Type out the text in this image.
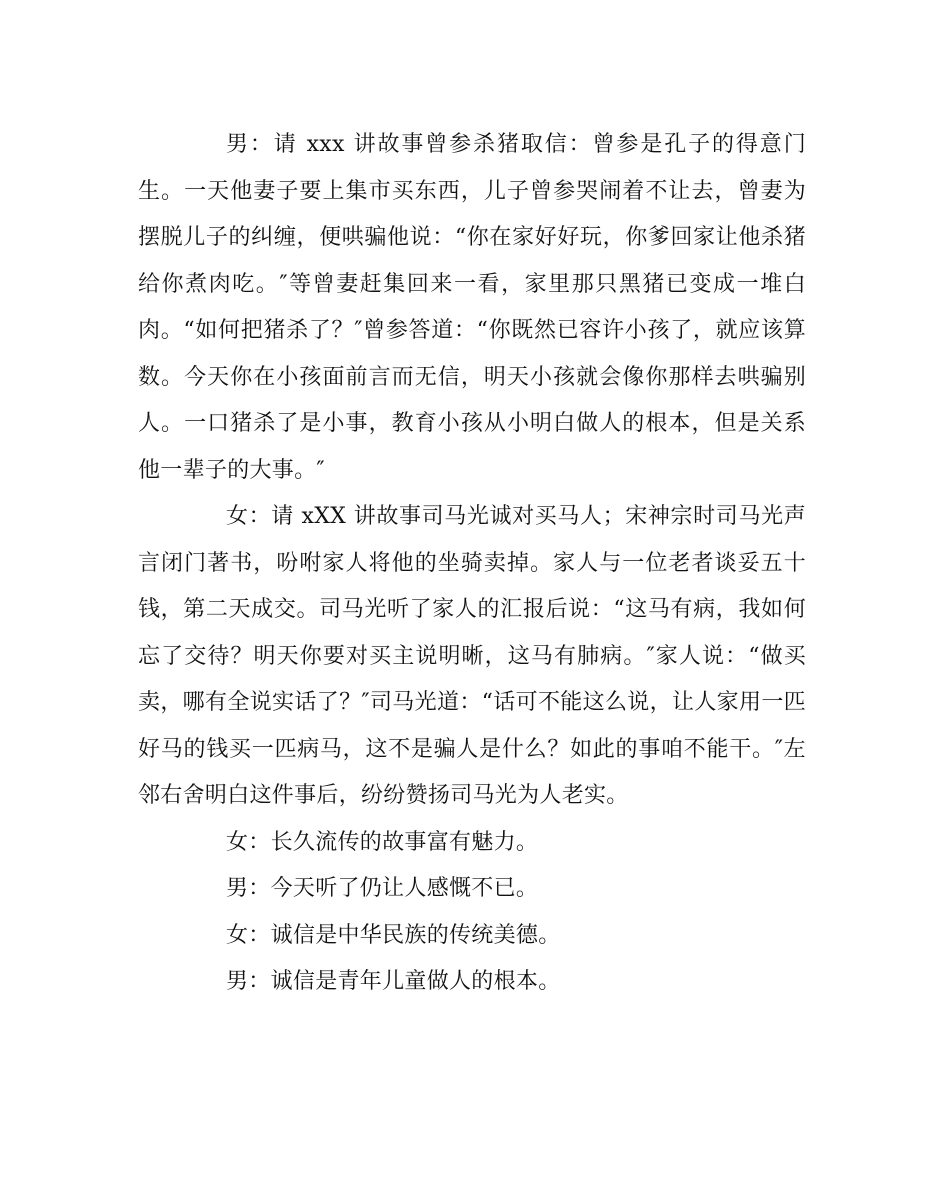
男：请 xxx 讲故事曾参杀猪取信：曾参是孔子的得意门生。一天他妻子要上集市买东西，儿子曾参哭闹着不让去，曾妻为摆脱儿子的纠缠，便哄骗他说：“你在家好好玩，你爹回家让他杀猪给你煮肉吃。″等曾妻赶集回来一看，家里那只黑猪已变成一堆白肉。“如何把猪杀了？″曾参答道：“你既然已容许小孩了，就应该算数。今天你在小孩面前言而无信，明天小孩就会像你那样去哄骗别人。一口猪杀了是小事，教育小孩从小明白做人的根本，但是关系他一辈子的大事。″

女：请 xXX 讲故事司马光诚对买马人；宋神宗时司马光声言闭门著书，吩咐家人将他的坐骑卖掉。家人与一位老者谈妥五十钱，第二天成交。司马光听了家人的汇报后说：“这马有病，我如何忘了交待？明天你要对买主说明晰，这马有肺病。″家人说：“做买卖，哪有全说实话了？″司马光道：“话可不能这么说，让人家用一匹好马的钱买一匹病马，这不是骗人是什么？如此的事咱不能干。″左邻右舍明白这件事后，纷纷赞扬司马光为人老实。

女：长久流传的故事富有魅力。

男：今天听了仍让人感慨不已。

女：诚信是中华民族的传统美德。

男：诚信是青年儿童做人的根本。
